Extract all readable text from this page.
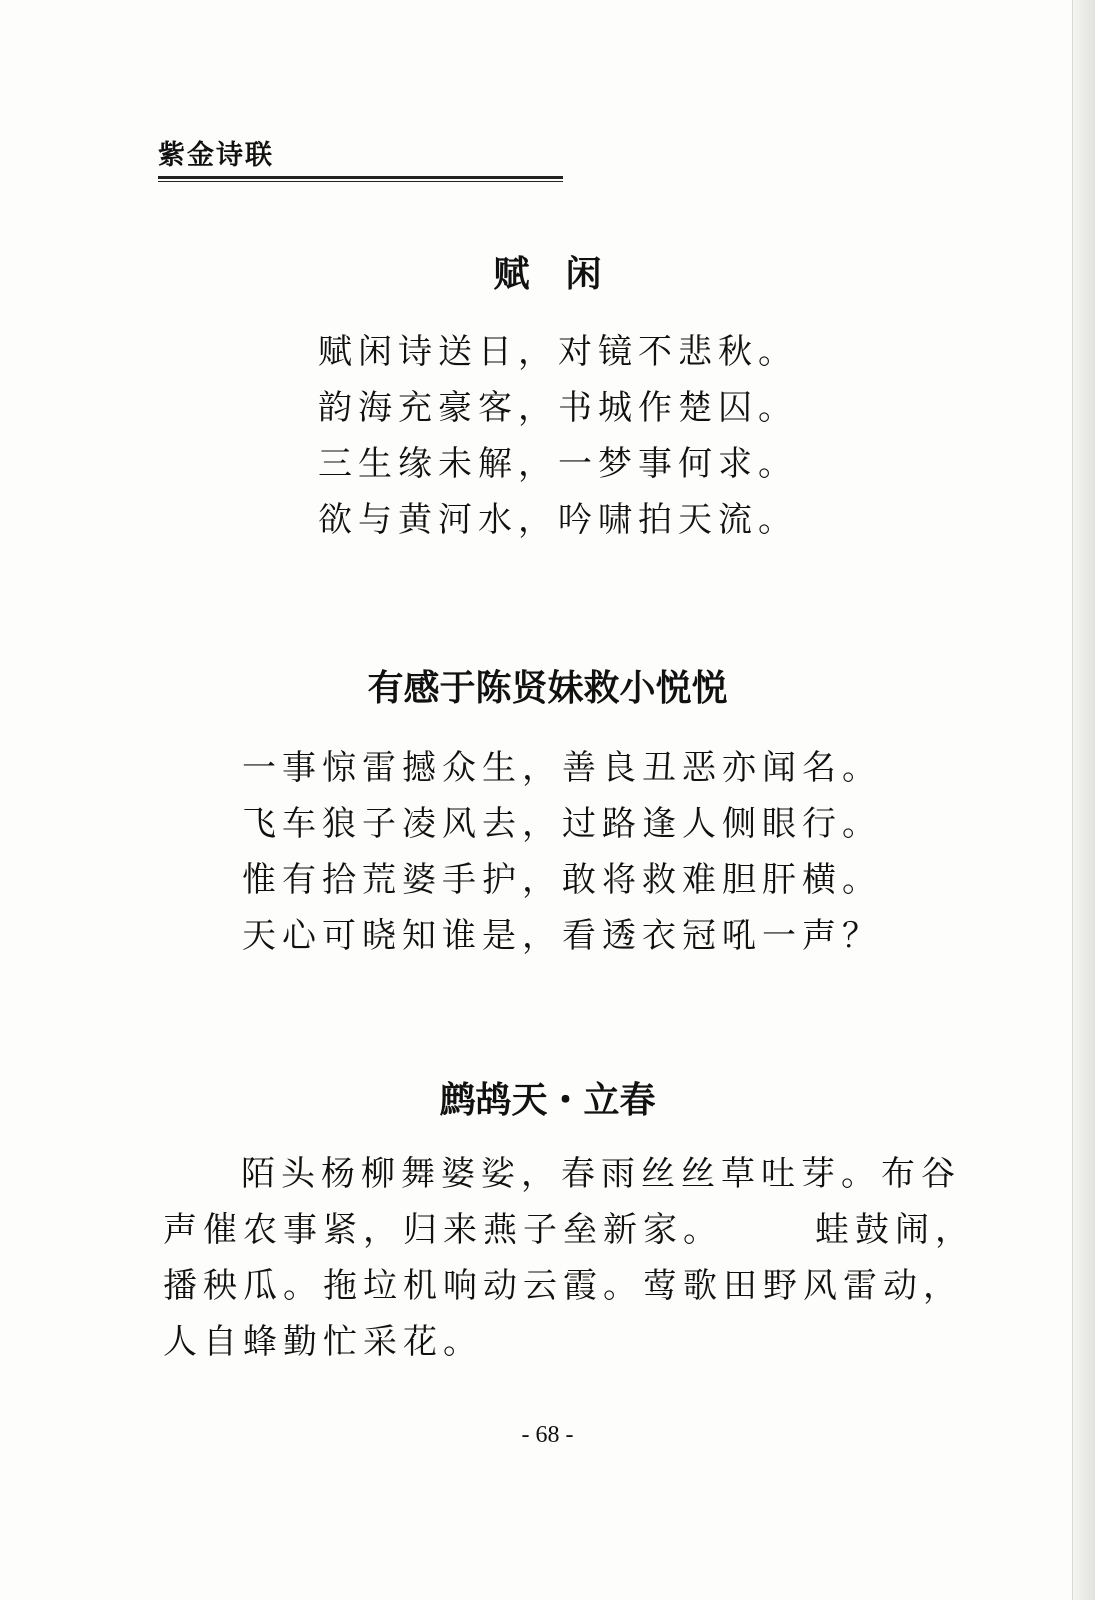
紫金诗联
赋　闲
赋闲诗送日，对镜不悲秋。
韵海充豪客，书城作楚囚。
三生缘未解，一梦事何求。
欲与黄河水，吟啸拍天流。
有感于陈贤妹救小悦悦
一事惊雷撼众生，善良丑恶亦闻名。
飞车狼子凌风去，过路逢人侧眼行。
惟有拾荒婆手护，敢将救难胆肝横。
天心可晓知谁是，看透衣冠吼一声？
鹧鸪天・立春
陌头杨柳舞婆娑，春雨丝丝草吐芽。布谷
声催农事紧，归来燕子垒新家。	蛙鼓闹，
播秧瓜。拖垃机响动云霞。莺歌田野风雷动，
人自蜂勤忙采花。
- 68 -
